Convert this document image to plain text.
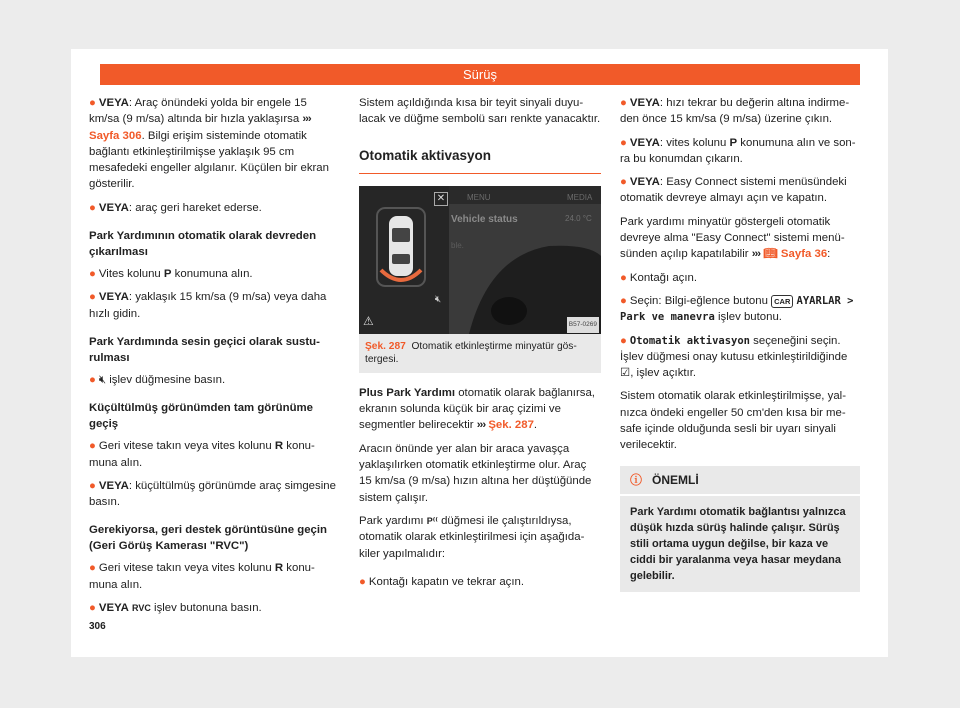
Sürüş

● VEYA: Araç önündeki yolda bir engele 15 km/sa (9 m/sa) altında bir hızla yaklaşırsa ››› Sayfa 306. Bilgi erişim sisteminde otomatik bağlantı etkinleştirilmişse yaklaşık 95 cm mesafedeki engeller algılanır. Küçülen bir ekran gösterilir.

● VEYA: araç geri hareket ederse.

Park Yardımının otomatik olarak devreden çıkarılması

● Vites kolunu P konumuna alın.

● VEYA: yaklaşık 15 km/sa (9 m/sa) veya daha hızlı gidin.

Park Yardımında sesin geçici olarak susturulması

● 🔇︎ işlev düğmesine basın.

Küçültülmüş görünümden tam görünüme geçiş

● Geri vitese takın veya vites kolunu R konumuna alın.

● VEYA: küçültülmüş görünümde araç simgesine basın.

Gerekiyorsa, geri destek görüntüsüne geçin (Geri Görüş Kamerası "RVC")

● Geri vitese takın veya vites kolunu R konumuna alın.

● VEYA RVC işlev butonuna basın.

Sistem açıldığında kısa bir teyit sinyali duyulacak ve düğme sembolü sarı renkte yanacaktır.

Otomatik aktivasyon
✕
🔇︎
⚠
MENU	MEDIA
Vehicle status	24.0 °C
ble.
B57-0269
Şek. 287 Otomatik etkinleştirme minyatür göstergesi.

Plus Park Yardımı otomatik olarak bağlanırsa, ekranın solunda küçük bir araç çizimi ve segmentler belirecektir ››› Şek. 287.

Aracın önünde yer alan bir araca yavaşça yaklaşılırken otomatik etkinleştirme olur. Araç 15 km/sa (9 m/sa) hızın altına her düştüğünde sistem çalışır.

Park yardımı P⁽⁽ düğmesi ile çalıştırıldıysa, otomatik olarak etkinleştirilmesi için aşağıdakiler yapılmalıdır:

● Kontağı kapatın ve tekrar açın.

● VEYA: hızı tekrar bu değerin altına indirmeden önce 15 km/sa (9 m/sa) üzerine çıkın.

● VEYA: vites kolunu P konumuna alın ve sonra bu konumdan çıkarın.

● VEYA: Easy Connect sistemi menüsündeki otomatik devreye almayı açın ve kapatın.

Park yardımı minyatür göstergeli otomatik devreye alma "Easy Connect" sistemi menüsünden açılıp kapatılabilir ››› 📖︎ Sayfa 36:

● Kontağı açın.

● Seçin: Bilgi-eğlence butonu CAR AYARLAR > Park ve manevra işlev butonu.

● Otomatik aktivasyon seçeneğini seçin. İşlev düğmesi onay kutusu etkinleştirildiğinde ☑, işlev açıktır.

Sistem otomatik olarak etkinleştirilmişse, yalnızca öndeki engeller 50 cm'den kısa bir mesafe içinde olduğunda sesli bir uyarı sinyali verilecektir.

ⓘ ÖNEMLİ
Park Yardımı otomatik bağlantısı yalnızca düşük hızda sürüş halinde çalışır. Sürüş stili ortama uygun değilse, bir kaza ve ciddi bir yaralanma veya hasar meydana gelebilir.
306
